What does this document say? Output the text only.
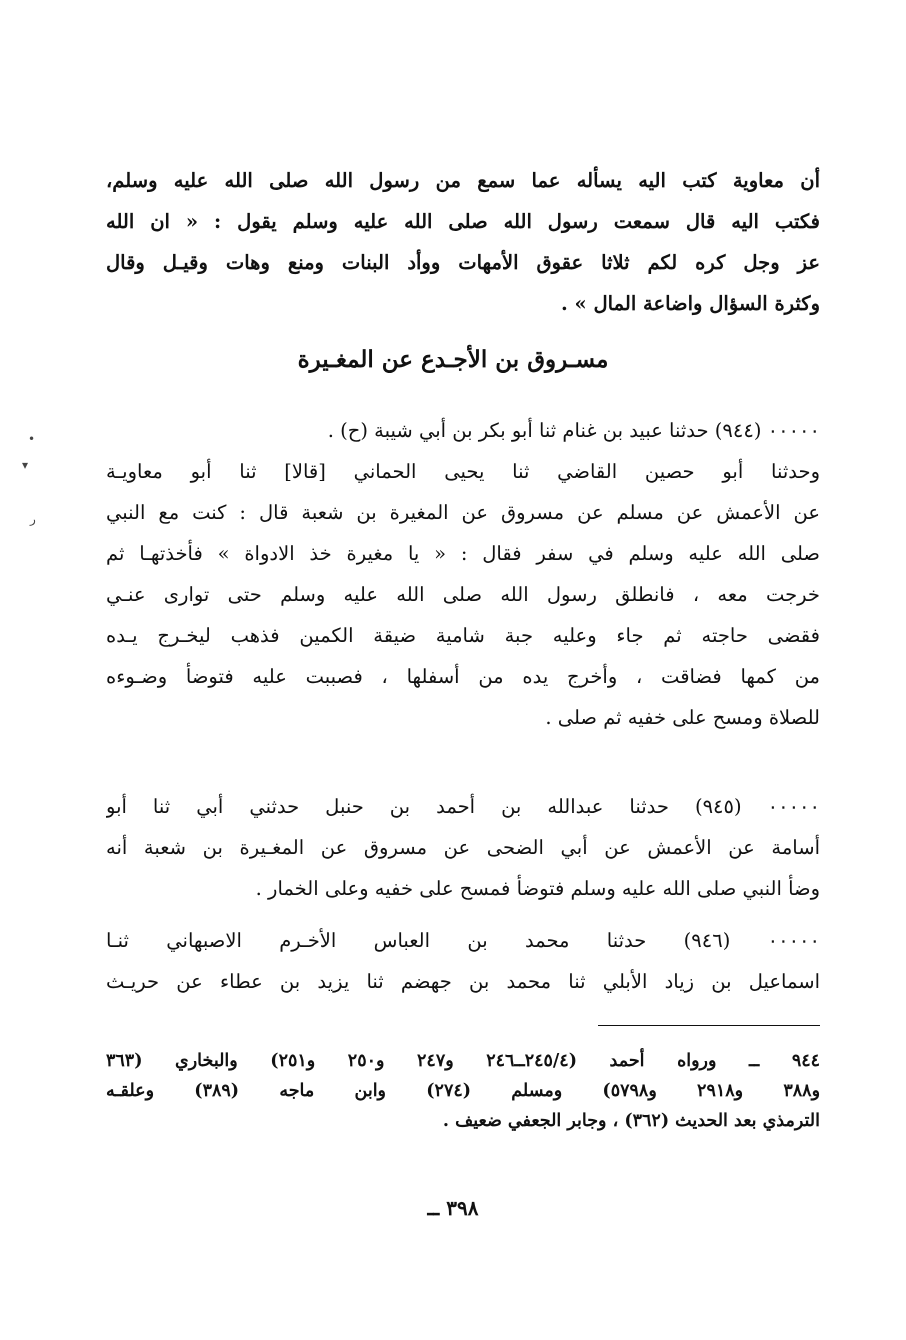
أن معاوية كتب اليه يسأله عما سمع من رسول الله صلى الله عليه وسلم،
فكتب اليه قال سمعت رسول الله صلى الله عليه وسلم يقول : « ان الله
عز وجل كره لكم ثلاثا عقوق الأمهات ووأد البنات ومنع وهات وقيـل وقال
وكثرة السؤال واضاعة المال » .
مسـروق بن الأجـدع عن المغـيرة
٠٠٠٠٠ (٩٤٤) حدثنا عبيد بن غنام ثنا أبو بكر بن أبي شيبة (ح) .
وحدثنا أبو حصين القاضي ثنا يحيى الحماني [قالا] ثنا أبو معاويـة
عن الأعمش عن مسلم عن مسروق عن المغيرة بن شعبة قال : كنت مع النبي
صلى الله عليه وسلم في سفر فقال : « يا مغيرة خذ الادواة » فأخذتهـا ثم
خرجت معه ، فانطلق رسول الله صلى الله عليه وسلم حتى توارى عنـي
فقضى حاجته ثم جاء وعليه جبة شامية ضيقة الكمين فذهب ليخـرج يـده
من كمها فضاقت ، وأخرج يده من أسفلها ، فصببت عليه فتوضأ وضـوءه
للصلاة ومسح على خفيه ثم صلى .
٠٠٠٠٠ (٩٤٥) حدثنا عبدالله بن أحمد بن حنبل حدثني أبي ثنا أبو
أسامة عن الأعمش عن أبي الضحى عن مسروق عن المغـيرة بن شعبة أنه
وضأ النبي صلى الله عليه وسلم فتوضأ فمسح على خفيه وعلى الخمار .
٠٠٠٠٠ (٩٤٦) حدثنا محمد بن العباس الأخـرم الاصبهاني ثنـا
اسماعيل بن زياد الأبلي ثنا محمد بن جهضم ثنا يزيد بن عطاء عن حريـث
٩٤٤ ــ ورواه أحمد (٢٤٥/٤ــ٢٤٦ و٢٤٧ و٢٥٠ و٢٥١) والبخاري (٣٦٣
و٣٨٨ و٢٩١٨ و٥٧٩٨) ومسلم (٢٧٤) وابن ماجه (٣٨٩) وعلقـه
الترمذي بعد الحديث (٣٦٢) ، وجابر الجعفي ضعيف .
٣٩٨ ــ
•
▾
ﺭ
